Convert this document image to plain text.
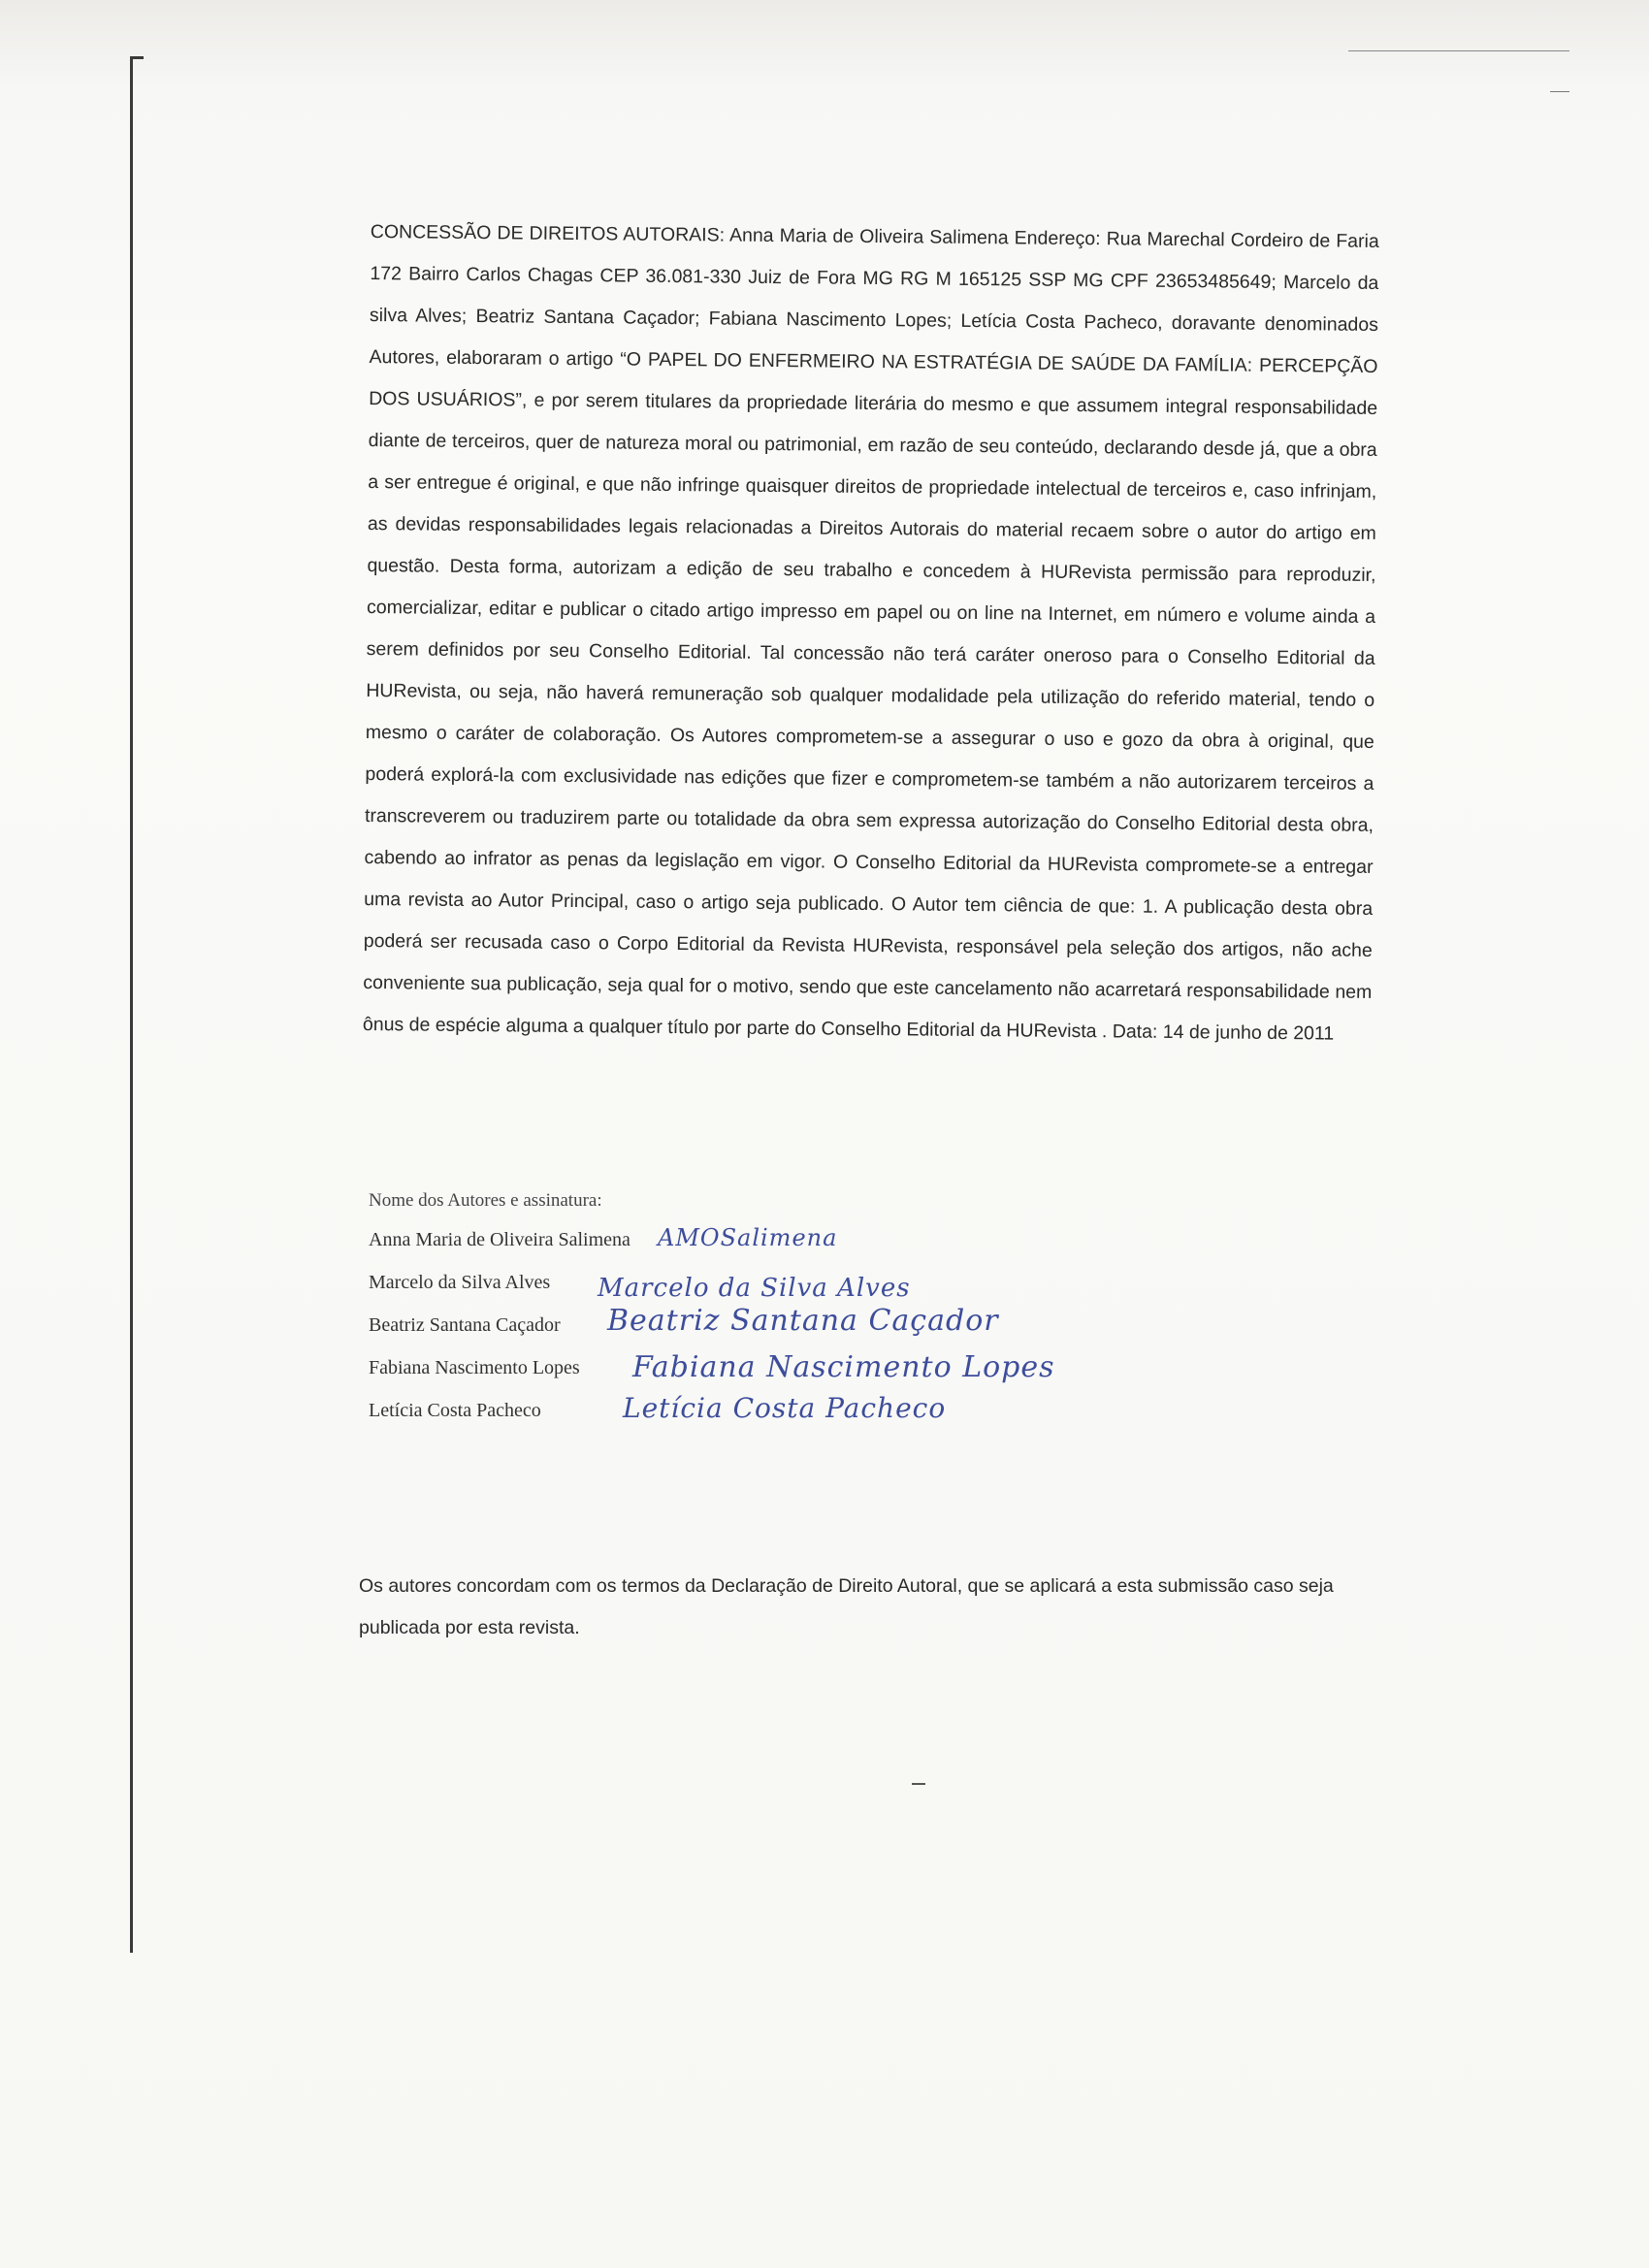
CONCESSÃO DE DIREITOS AUTORAIS: Anna Maria de Oliveira Salimena Endereço: Rua Marechal Cordeiro de Faria 172 Bairro Carlos Chagas CEP 36.081-330 Juiz de Fora MG RG M 165125 SSP MG CPF 23653485649; Marcelo da silva Alves; Beatriz Santana Caçador; Fabiana Nascimento Lopes; Letícia Costa Pacheco, doravante denominados Autores, elaboraram o artigo “O PAPEL DO ENFERMEIRO NA ESTRATÉGIA DE SAÚDE DA FAMÍLIA: PERCEPÇÃO DOS USUÁRIOS”, e por serem titulares da propriedade literária do mesmo e que assumem integral responsabilidade diante de terceiros, quer de natureza moral ou patrimonial, em razão de seu conteúdo, declarando desde já, que a obra a ser entregue é original, e que não infringe quaisquer direitos de propriedade intelectual de terceiros e, caso infrinjam, as devidas responsabilidades legais relacionadas a Direitos Autorais do material recaem sobre o autor do artigo em questão. Desta forma, autorizam a edição de seu trabalho e concedem à HURevista permissão para reproduzir, comercializar, editar e publicar o citado artigo impresso em papel ou on line na Internet, em número e volume ainda a serem definidos por seu Conselho Editorial. Tal concessão não terá caráter oneroso para o Conselho Editorial da HURevista, ou seja, não haverá remuneração sob qualquer modalidade pela utilização do referido material, tendo o mesmo o caráter de colaboração. Os Autores comprometem-se a assegurar o uso e gozo da obra à original, que poderá explorá-la com exclusividade nas edições que fizer e comprometem-se também a não autorizarem terceiros a transcreverem ou traduzirem parte ou totalidade da obra sem expressa autorização do Conselho Editorial desta obra, cabendo ao infrator as penas da legislação em vigor. O Conselho Editorial da HURevista compromete-se a entregar uma revista ao Autor Principal, caso o artigo seja publicado. O Autor tem ciência de que: 1. A publicação desta obra poderá ser recusada caso o Corpo Editorial da Revista HURevista, responsável pela seleção dos artigos, não ache conveniente sua publicação, seja qual for o motivo, sendo que este cancelamento não acarretará responsabilidade nem ônus de espécie alguma a qualquer título por parte do Conselho Editorial da HURevista . Data: 14 de junho de 2011

Nome dos Autores e assinatura:
Anna Maria de Oliveira Salimena AMOSalimena
Marcelo da Silva Alves Marcelo da Silva Alves
Beatriz Santana Caçador Beatriz Santana Caçador
Fabiana Nascimento Lopes Fabiana Nascimento Lopes
Letícia Costa Pacheco	Letícia Costa Pacheco

Os autores concordam com os termos da Declaração de Direito Autoral, que se aplicará a esta submissão caso seja publicada por esta revista.
